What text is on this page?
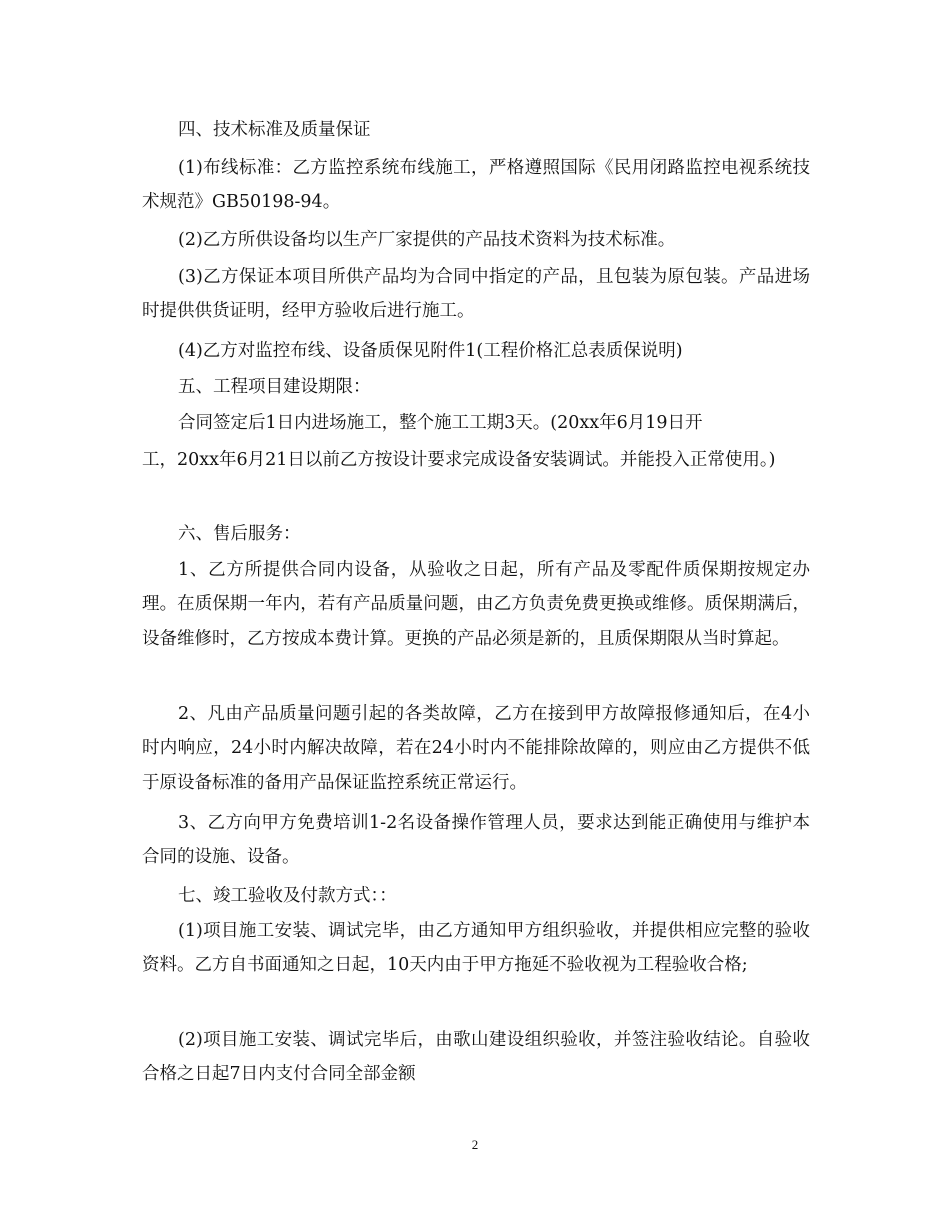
四、技术标准及质量保证

(1)布线标准：乙方监控系统布线施工，严格遵照国际《民用闭路监控电视系统技术规范》GB50198-94。

(2)乙方所供设备均以生产厂家提供的产品技术资料为技术标准。

(3)乙方保证本项目所供产品均为合同中指定的产品，且包装为原包装。产品进场时提供供货证明，经甲方验收后进行施工。

(4)乙方对监控布线、设备质保见附件1(工程价格汇总表质保说明)

五、工程项目建设期限：

合同签定后1日内进场施工，整个施工工期3天。(20xx年6月19日开

工，20xx年6月21日以前乙方按设计要求完成设备安装调试。并能投入正常使用。)

六、售后服务：

1、乙方所提供合同内设备，从验收之日起，所有产品及零配件质保期按规定办理。在质保期一年内，若有产品质量问题，由乙方负责免费更换或维修。质保期满后，设备维修时，乙方按成本费计算。更换的产品必须是新的，且质保期限从当时算起。

2、凡由产品质量问题引起的各类故障，乙方在接到甲方故障报修通知后，在4小时内响应，24小时内解决故障，若在24小时内不能排除故障的，则应由乙方提供不低于原设备标准的备用产品保证监控系统正常运行。

3、乙方向甲方免费培训1-2名设备操作管理人员，要求达到能正确使用与维护本合同的设施、设备。

七、竣工验收及付款方式：：

(1)项目施工安装、调试完毕，由乙方通知甲方组织验收，并提供相应完整的验收资料。乙方自书面通知之日起，10天内由于甲方拖延不验收视为工程验收合格;

(2)项目施工安装、调试完毕后，由歌山建设组织验收，并签注验收结论。自验收合格之日起7日内支付合同全部金额

2
